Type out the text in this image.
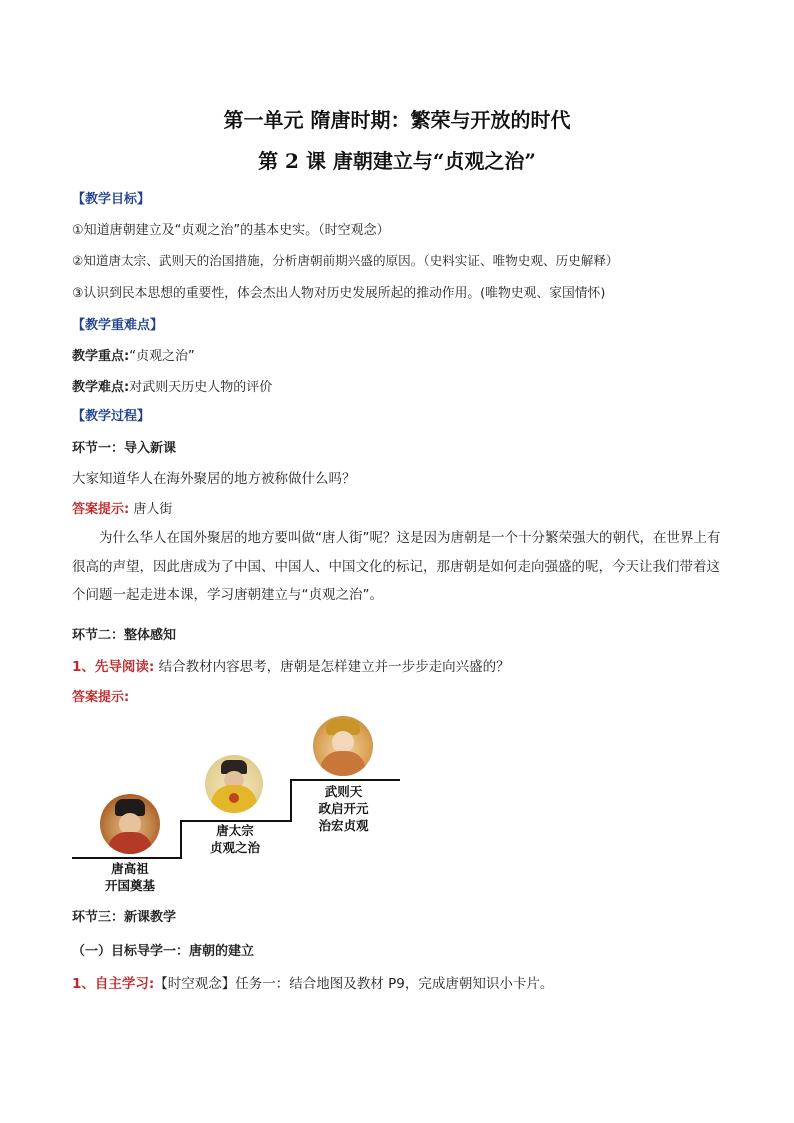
第一单元 隋唐时期：繁荣与开放的时代
第 2 课 唐朝建立与“贞观之治”
【教学目标】
①知道唐朝建立及“贞观之治”的基本史实。（时空观念）
②知道唐太宗、武则天的治国措施，分析唐朝前期兴盛的原因。（史料实证、唯物史观、历史解释）
③认识到民本思想的重要性，体会杰出人物对历史发展所起的推动作用。(唯物史观、家国情怀)
【教学重难点】
教学重点:“贞观之治”
教学难点:对武则天历史人物的评价
【教学过程】
环节一：导入新课
大家知道华人在海外聚居的地方被称做什么吗？
答案提示: 唐人街
为什么华人在国外聚居的地方要叫做“唐人街”呢？这是因为唐朝是一个十分繁荣强大的朝代，在世界上有很高的声望，因此唐成为了中国、中国人、中国文化的标记，那唐朝是如何走向强盛的呢，今天让我们带着这个问题一起走进本课，学习唐朝建立与“贞观之治”。
环节二：整体感知
1、先导阅读: 结合教材内容思考，唐朝是怎样建立并一步步走向兴盛的？
答案提示:
唐高祖
开国奠基
唐太宗
贞观之治
武则天
政启开元
治宏贞观
环节三：新课教学
（一）目标导学一：唐朝的建立
1、自主学习:【时空观念】任务一：结合地图及教材 P9，完成唐朝知识小卡片。
